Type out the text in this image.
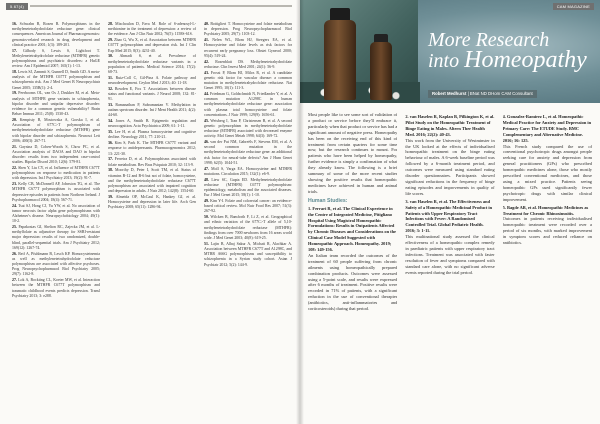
5.67(4)
16. Schwahn B, Rozen R. Polymorphisms in the methylenetetrahydrofolate reductase gene: clinical consequences. American Journal of Pharmacogenomics: genomics-related research in drug development and clinical practice 2001; 1(3): 189-201.
17. Gilbody S, Lewis S, Lightfoot T. Methylenetetrahydrofolate reductase (MTHFR) genetic polymorphisms and psychiatric disorders: a HuGE review. Am J Epidemiol 2007; 165(1): 1-13.
18. Lewis SJ, Zammit S, Gunnell D, Smith GD. A meta-analysis of the MTHFR C677T polymorphism and schizophrenia risk. Am J Med Genet B Neuropsychiatr Genet 2005; 135B(1): 2-4.
19. Peerbooms OL, van Os J, Drukker M, et al. Meta-analysis of MTHFR gene variants in schizophrenia, bipolar disorder and unipolar depressive disorder: evidence for a common genetic vulnerability? Brain Behav Immun 2011; 25(8): 1530-43.
20. Kempisty B, Mostowska A, Gorska I, et al. Association of 677C>T polymorphism of methylenetetrahydrofolate reductase (MTHFR) gene with bipolar disorder and schizophrenia. Neurosci Lett 2006; 400(3): 267-71.
21. Gaysina D, Cohen-Woods S, Chow PC, et al. Association analysis of DAOA and DAO in bipolar disorder: results from two independent case-control studies. Bipolar Disord 2010; 12(6): 579-81.
22. Shen Y, Liu CY, et al. Influence of MTHFR C677T polymorphism on response to medication in patients with depression. Int J Psychiatry 2013; 19(2): 91-7.
23. Kelly CB, McDonnell AP, Johnston TG, et al. The MTHFR C677T polymorphism is associated with depressive episodes in patients from Northern Ireland. J Psychopharmacol 2004; 18(4): 567-71.
24. Tsai SJ, Hong CJ, Yu YW, et al. No association of tumor necrosis factor alpha gene polymorphisms with Alzheimer's disease. Neuropsychobiology 2004; 49(1): 10-2.
25. Papakostas GI, Shelton RC, Zajecka JM, et al. L-methylfolate as adjunctive therapy for SSRI-resistant major depression: results of two randomized, double-blind, parallel-sequential trials. Am J Psychiatry 2012; 169(12): 1267-74.
26. Reif A, Pfuhlmann B, Lesch KP. Homocysteinemia as well as methylenetetrahydrofolate reductase polymorphism are associated with affective psychoses. Prog Neuropsychopharmacol Biol Psychiatry 2005; 29(7): 1162-8.
27. Lok A, Bockting CL, Koeter MW, et al. Interaction between the MTHFR C677T polymorphism and traumatic childhood events predicts depression. Transl Psychiatry 2013; 3: e288.
28. Mischoulon D, Fava M. Role of S-adenosyl-L-methionine in the treatment of depression: a review of the evidence. Am J Clin Nutr 2002; 76(5): 1158S-61S.
29. Zhao G, Wu X, et al. Association between MTHFR C677T polymorphism and depression risk. Int J Clin Exp Med 2015; 8(3): 4231-40.
30. Ahmadi S, et al. Prevalence of methylenetetrahydrofolate reductase variants in a population of patients. Medical Science 2014; 17(2): 68-73.
31. Ruiz-Coll C, Gil-Pina A. Folate pathway and neurodevelopment. Ceylon Med J 2013; 40: 11-18.
32. Bowden E, Fox T. Associations between disease status and functional variants. J Neurol 2008; 132: 81-91.
33. Ramanathan P, Subramanian V. Methylation in autism spectrum disorder. Int J Ment Health 2011; 4(2): 44-60.
34. Jones A, Smith B. Epigenetic regulation and neurocognition. Acta Psychiatrica 2009; 61: 1-11.
35. Lee H, et al. Plasma homocysteine and cognitive decline. Neurology 2011; 77: 210-21.
36. Kim S, Park K. The MTHFR C677T variant and response to antidepressants. Pharmacogenomics 2012; 13: 221-30.
37. Ferreira D, et al. Polymorphisms associated with folate metabolism. Rev Bras Psiquiatr 2010; 32: 113-9.
38. Moorthy D, Peter I, Scott TM, et al. Status of vitamins B-12 and B-6 but not of folate, homocysteine, and the methylenetetrahydrofolate reductase C677T polymorphism are associated with impaired cognition and depression in adults. J Nutr 2012; 142(8): 1554-60.
39. Almeida OP, McCaul K, Hankey GJ, et al. Homocysteine and depression in later life. Arch Gen Psychiatry 2008; 65(11): 1286-94.
40. Bottiglieri T. Homocysteine and folate metabolism in depression. Prog Neuropsychopharmacol Biol Psychiatry 2005; 29(7): 1103-12.
41. Nelen WL, Blom HJ, Steegers EA, et al. Homocysteine and folate levels as risk factors for recurrent early pregnancy loss. Obstet Gynecol 2000; 95(4): 519-24.
42. Rosenblatt DS. Methylenetetrahydrofolate reductase. Clin Invest Med 2001; 24(1): 56-9.
43. Frosst P, Blom HJ, Milos R, et al. A candidate genetic risk factor for vascular disease: a common mutation in methylenetetrahydrofolate reductase. Nat Genet 1995; 10(1): 111-3.
44. Friedman G, Goldschmidt N, Friedlander Y, et al. A common mutation A1298C in human methylenetetrahydrofolate reductase gene: association with plasma total homocysteine and folate concentrations. J Nutr 1999; 129(9): 1656-61.
45. Weisberg I, Tran P, Christensen B, et al. A second genetic polymorphism in methylenetetrahydrofolate reductase (MTHFR) associated with decreased enzyme activity. Mol Genet Metab 1998; 64(3): 169-72.
46. van der Put NM, Gabreëls F, Stevens EM, et al. A second common mutation in the methylenetetrahydrofolate reductase gene: an additional risk factor for neural-tube defects? Am J Hum Genet 1998; 62(5): 1044-51.
47. Moll S, Varga EA. Homocysteine and MTHFR mutations. Circulation 2015; 132(1): e6-9.
48. Liew SC, Gupta ED. Methylenetetrahydrofolate reductase (MTHFR) C677T polymorphism: epidemiology, metabolism and the associated diseases. Eur J Med Genet 2015; 58(1): 1-10.
49. Kim Y-I. Folate and colorectal cancer: an evidence-based critical review. Mol Nutr Food Res 2007; 51(3): 267-92.
50. Wilcken B, Bamforth F, Li Z, et al. Geographical and ethnic variation of the 677C>T allele of 5,10-methylenetetrahydrofolate reductase (MTHFR): findings from over 7000 newborns from 16 areas world wide. J Med Genet 2003; 40(8): 619-25.
51. Lajin B, Alhaj Sakur A, Michati R, Alachkar A. Association between MTHFR C677T and A1298C, and MTRR A66G polymorphisms and susceptibility to schizophrenia in a Syrian study cohort. Asian J Psychiatr 2012; 5(2): 144-9.
CAM MAGAZINE
More Research
into Homeopathy
Robert Medhurst | BNat ND DHom CAM Consultant

Most people like to see some sort of validation of a product or service before they'll embrace it, particularly when that product or service has had a significant amount of negative press. Homeopathy has been on the receiving end of this kind of treatment from certain quarters for some time now, but the research continues to mount. For patients who have been helped by homeopathy, further evidence is simply a confirmation of what they already know. The following is a brief summary of some of the more recent studies showing the positive results that homeopathic medicines have achieved in human and animal trials.

Human Studies:
1. Ferrari R, et al. The Clinical Experience in the Centre of Integrated Medicine, Pitigliano Hospital Using Magistral Homeopathic Formulations: Results in Outpatients Affected by Chronic Diseases and Considerations on the Clinical Case Model Suggested with Homeopathic Approach. Homeopathy. 2019; 108: 149-156.

An Italian team recorded the outcomes of the treatment of 60 people suffering from chronic ailments using homeopathically prepared combination products. Outcomes were assessed using a 5-point scale, and results were expressed after 6 months of treatment. Positive results were recorded in 71% of patients, with a significant reduction in the use of conventional therapies (antibiotics, anti-inflammatories and corticosteroids) during that period.

2. van Haselen R, Kaplan B, Pilkington K, et al. Pilot Study on the Homeopathic Treatment of Binge Eating in Males. Altern Ther Health Med. 2016; 22(2): 40-43.

This work from the University of Westminster in the UK looked at the effects of individualised homeopathic treatment on the binge eating behaviour of males. A 6-week baseline period was followed by a 6-month treatment period, and outcomes were measured using standard eating disorder questionnaires. Participants showed significant reductions in the frequency of binge eating episodes and improvements in quality of life scores.

3. van Haselen R, et al. The Effectiveness and Safety of a Homeopathic Medicinal Product in Patients with Upper Respiratory Tract Infections with Fever: A Randomised Controlled Trial. Global Pediatric Health. 2016; 3: 1-11.

This multinational study assessed the clinical effectiveness of a homeopathic complex remedy in paediatric patients with upper respiratory tract infections. Treatment was associated with faster resolution of fever and symptoms compared with standard care alone, with no significant adverse events reported during the trial period.

4. Gonzalez-Ramirez L, et al. Homeopathic Medical Practice for Anxiety and Depression in Primary Care: The ETUDE Study. BMC Complementary and Alternative Medicine. 2016; 16: 125.

This French study compared the use of conventional psychotropic drugs amongst people seeking care for anxiety and depression from general practitioners (GPs) who prescribed homeopathic medicines alone, those who mostly prescribed conventional medicines, and those using a mixed practice. Patients seeing homeopathic GPs used significantly fewer psychotropic drugs with similar clinical improvement.

5. Bagde AB, et al. Homeopathic Medicines as Treatment for Chronic Rhinosinusitis.

Outcomes in patients receiving individualised homeopathic treatment were recorded over a period of six months, with marked improvement in symptom scores and reduced reliance on antibiotics.
